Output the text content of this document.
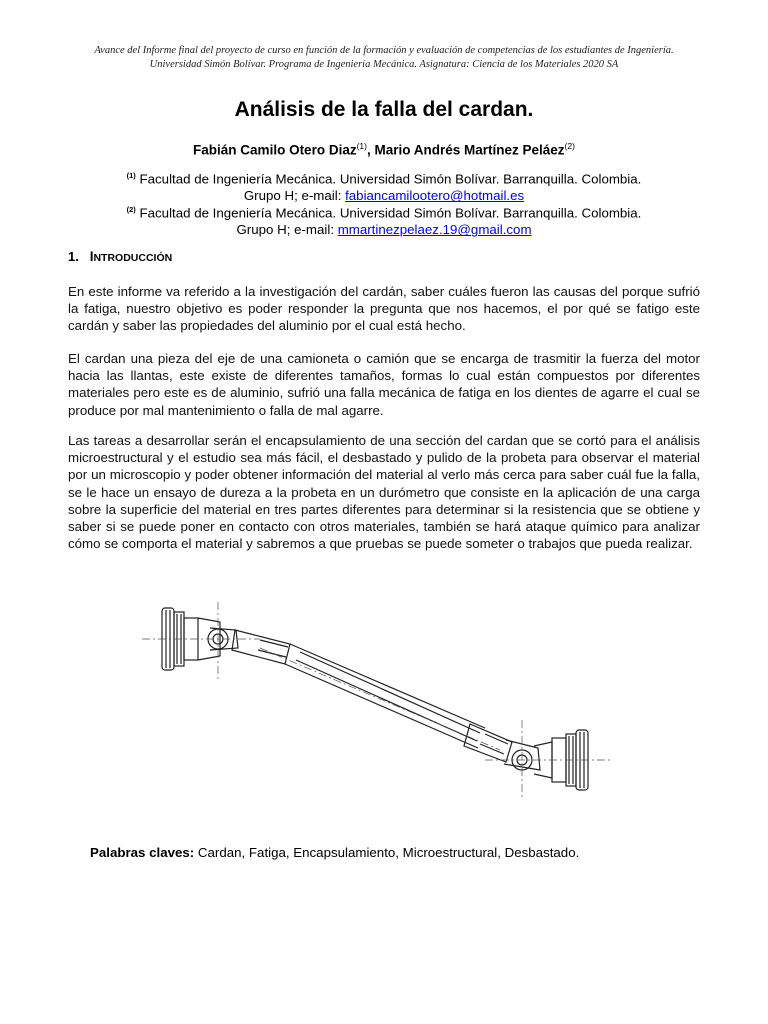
Avance del Informe final del proyecto de curso en función de la formación y evaluación de competencias de los estudiantes de Ingeniería.
Universidad Simón Bolívar. Programa de Ingeniería Mecánica. Asignatura: Ciencia de los Materiales 2020 SA
Análisis de la falla del cardan.
Fabián Camilo Otero Diaz$^{(1)}$, Mario Andrés Martínez Peláez$^{(2)}$
$^{(1)}$ Facultad de Ingeniería Mecánica. Universidad Simón Bolívar. Barranquilla. Colombia.
Grupo H; e-mail: fabiancamilootero@hotmail.es
$^{(2)}$ Facultad de Ingeniería Mecánica. Universidad Simón Bolívar. Barranquilla. Colombia.
Grupo H; e-mail: mmartinezpelaez.19@gmail.com
1. INTRODUCCIÓN
En este informe va referido a la investigación del cardán, saber cuáles fueron las causas del porque sufrió la fatiga, nuestro objetivo es poder responder la pregunta que nos hacemos, el por qué se fatigo este cardán y saber las propiedades del aluminio por el cual está hecho.
El cardan una pieza del eje de una camioneta o camión que se encarga de trasmitir la fuerza del motor hacia las llantas, este existe de diferentes tamaños, formas lo cual están compuestos por diferentes materiales pero este es de aluminio, sufrió una falla mecánica de fatiga en los dientes de agarre el cual se produce por mal mantenimiento o falla de mal agarre.
Las tareas a desarrollar serán el encapsulamiento de una sección del cardan que se cortó para el análisis microestructural y el estudio sea más fácil, el desbastado y pulido de la probeta para observar el material por un microscopio y poder obtener información del material al verlo más cerca para saber cuál fue la falla, se le hace un ensayo de dureza a la probeta en un durómetro que consiste en la aplicación de una carga sobre la superficie del material en tres partes diferentes para determinar si la resistencia que se obtiene y saber si se puede poner en contacto con otros materiales, también se hará ataque químico para analizar cómo se comporta el material y sabremos a que pruebas se puede someter o trabajos que pueda realizar.
Palabras claves: Cardan, Fatiga, Encapsulamiento, Microestructural, Desbastado.
